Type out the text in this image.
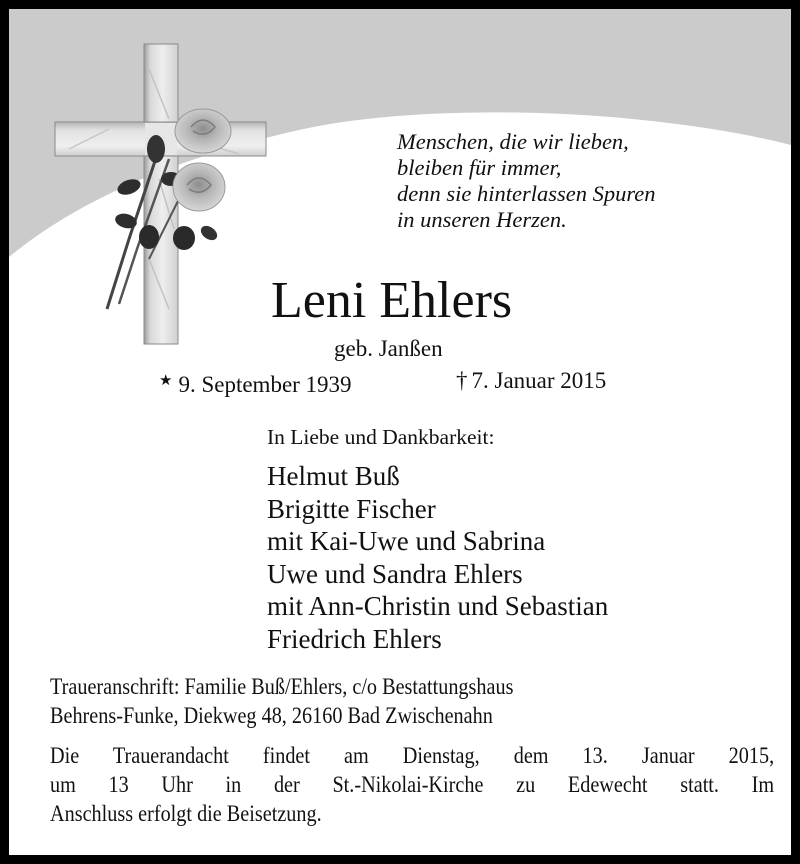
Menschen, die wir lieben,
bleiben für immer,
denn sie hinterlassen Spuren
in unseren Herzen.
Leni Ehlers
geb. Janßen
★ 9. September 1939	† 7. Januar 2015
In Liebe und Dankbarkeit:
Helmut Buß
Brigitte Fischer
mit Kai-Uwe und Sabrina
Uwe und Sandra Ehlers
mit Ann-Christin und Sebastian
Friedrich Ehlers
Traueranschrift: Familie Buß/Ehlers, c/o Bestattungshaus
Behrens-Funke, Diekweg 48, 26160 Bad Zwischenahn
Die Trauerandacht findet am Dienstag, dem 13. Januar 2015,
um 13 Uhr in der St.-Nikolai-Kirche zu Edewecht statt. Im
Anschluss erfolgt die Beisetzung.
